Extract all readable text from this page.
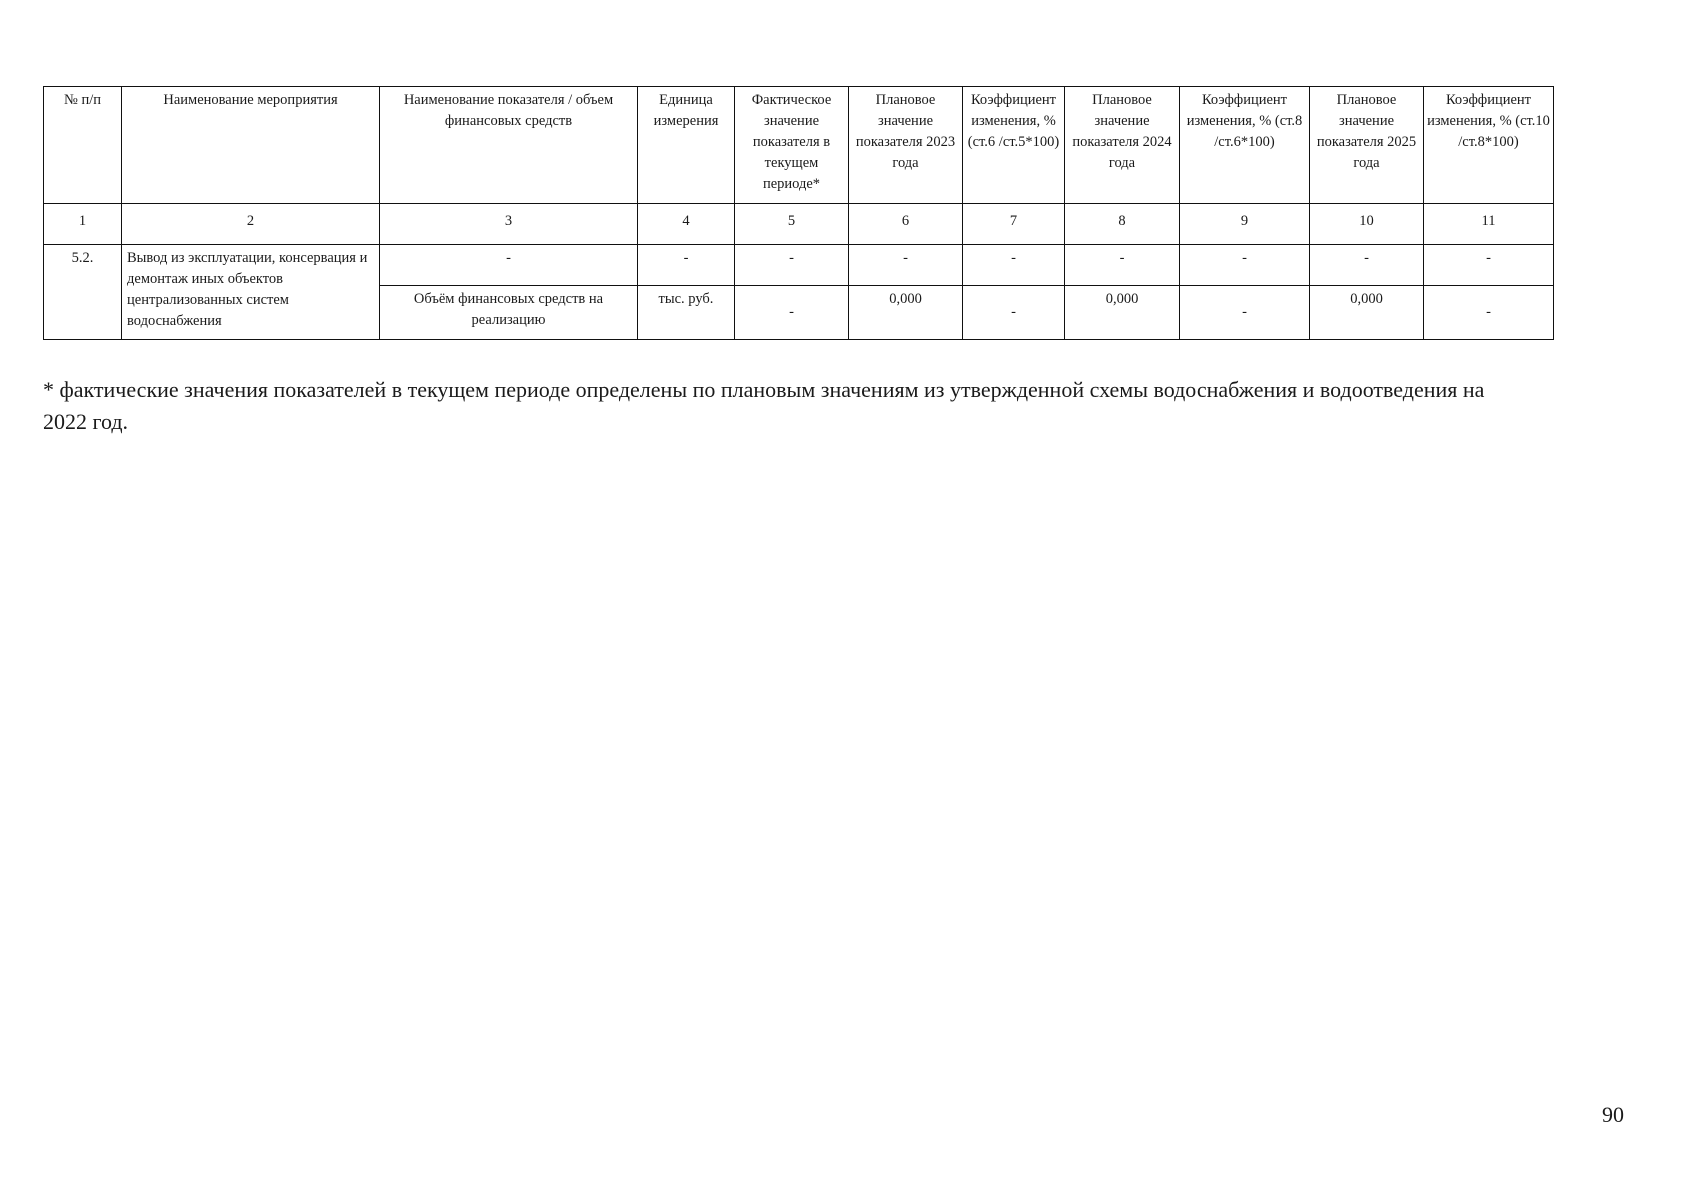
№ п/п	Наименование мероприятия	Наименование показателя / объем финансовых средств	Единица измерения	Фактическое значение показателя в текущем периоде*	Плановое значение показателя 2023 года	Коэффициент изменения, % (ст.6 /ст.5*100)	Плановое значение показателя 2024 года	Коэффициент изменения, % (ст.8 /ст.6*100)	Плановое значение показателя 2025 года	Коэффициент изменения, % (ст.10 /ст.8*100)
1	2	3	4	5	6	7	8	9	10	11
5.2.	Вывод из эксплуатации, консервация и демонтаж иных объектов централизованных систем водоснабжения	-	-	-	-	-	-	-	-	-
		Объём финансовых средств на реализацию	тыс. руб.	-	0,000	-	0,000	-	0,000	-
* фактические значения показателей в текущем периоде определены по плановым значениям из утвержденной схемы водоснабжения и водоотведения на 2022 год.
90
